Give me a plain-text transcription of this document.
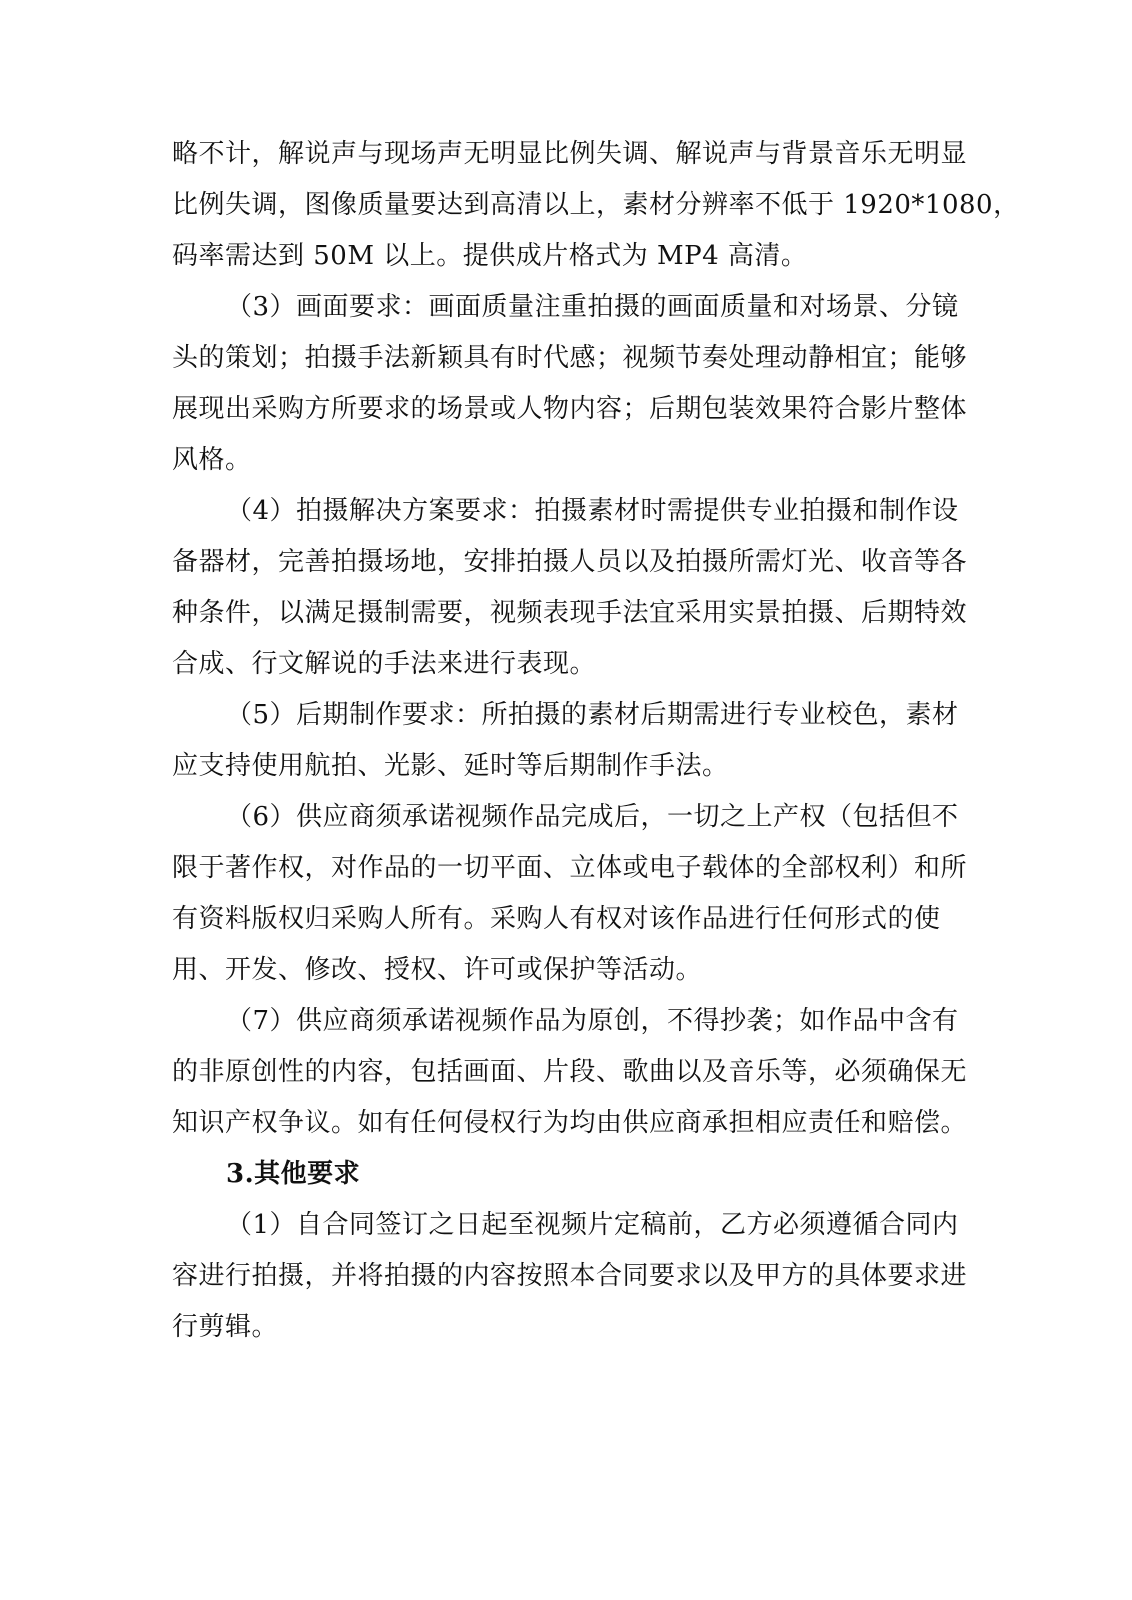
略不计，解说声与现场声无明显比例失调、解说声与背景音乐无明显
比例失调，图像质量要达到高清以上，素材分辨率不低于 1920*1080，
码率需达到 50M 以上。提供成片格式为 MP4 高清。
（3）画面要求：画面质量注重拍摄的画面质量和对场景、分镜
头的策划；拍摄手法新颖具有时代感；视频节奏处理动静相宜；能够
展现出采购方所要求的场景或人物内容；后期包装效果符合影片整体
风格。
（4）拍摄解决方案要求：拍摄素材时需提供专业拍摄和制作设
备器材，完善拍摄场地，安排拍摄人员以及拍摄所需灯光、收音等各
种条件，以满足摄制需要，视频表现手法宜采用实景拍摄、后期特效
合成、行文解说的手法来进行表现。
（5）后期制作要求：所拍摄的素材后期需进行专业校色，素材
应支持使用航拍、光影、延时等后期制作手法。
（6）供应商须承诺视频作品完成后，一切之上产权（包括但不
限于著作权，对作品的一切平面、立体或电子载体的全部权利）和所
有资料版权归采购人所有。采购人有权对该作品进行任何形式的使
用、开发、修改、授权、许可或保护等活动。
（7）供应商须承诺视频作品为原创，不得抄袭；如作品中含有
的非原创性的内容，包括画面、片段、歌曲以及音乐等，必须确保无
知识产权争议。如有任何侵权行为均由供应商承担相应责任和赔偿。
3.其他要求
（1）自合同签订之日起至视频片定稿前，乙方必须遵循合同内
容进行拍摄，并将拍摄的内容按照本合同要求以及甲方的具体要求进
行剪辑。
